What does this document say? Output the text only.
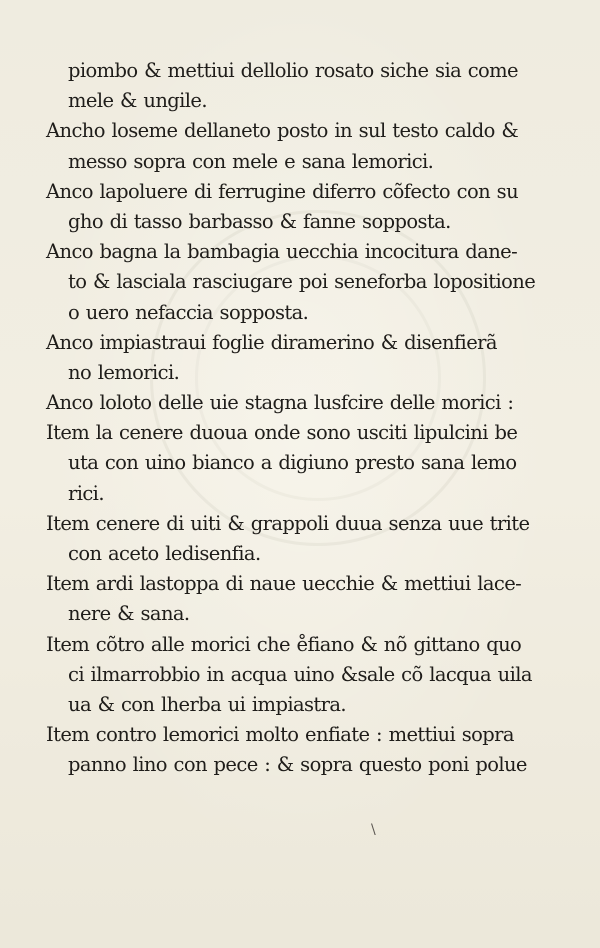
piombo & mettiui dellolio rosato siche sia come
mele & ungile.
Ancho loseme dellaneto posto in sul testo caldo &
messo sopra con mele e sana lemorici.
Anco lapoluere di ferrugine diferro cõfecto con su
gho di tasso barbasso & fanne sopposta.
Anco bagna la bambagia uecchia incocitura dane-
to & lasciala rasciugare poi seneforba lopositione
o uero nefaccia sopposta.
Anco impiastraui foglie diramerino & disenfierã
no lemorici.
Anco loloto delle uie stagna lusfcire delle morici :
Item la cenere duoua onde sono usciti lipulcini be
uta con uino bianco a digiuno presto sana lemo
rici.
Item cenere di uiti & grappoli duua senza uue trite
con aceto ledisenfia.
Item ardi lastoppa di naue uecchie & mettiui lace-
nere & sana.
Item cõtro alle morici che e̊fiano & nõ gittano quo
ci ilmarrobbio in acqua uino &sale cõ lacqua uila
ua & con lherba ui impiastra.
Item contro lemorici molto enfiate : mettiui sopra
panno lino con pece : & sopra questo poni polue
\
